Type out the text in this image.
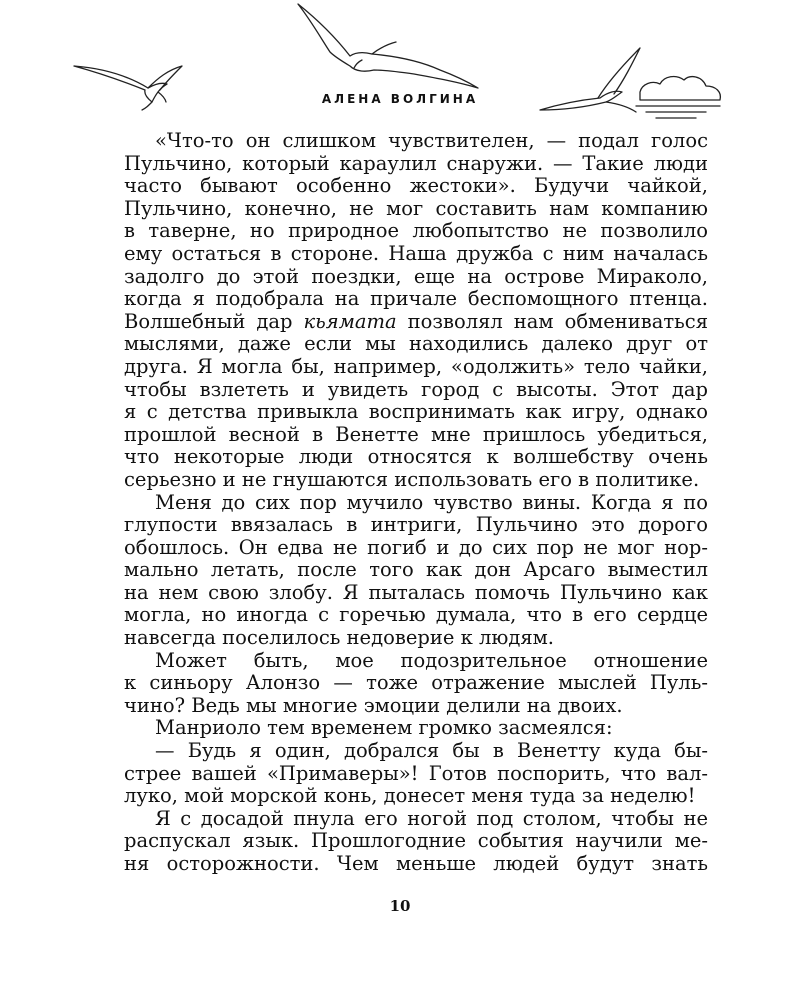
АЛЕНА ВОЛГИНА
«Что-то он слишком чувствителен, — подал голос
Пульчино, который караулил снаружи. — Такие люди
часто бывают особенно жестоки». Будучи чайкой,
Пульчино, конечно, не мог составить нам компанию
в таверне, но природное любопытство не позволило
ему остаться в стороне. Наша дружба с ним началась
задолго до этой поездки, еще на острове Мираколо,
когда я подобрала на причале беспомощного птенца.
Волшебный дар кьямата позволял нам обмениваться
мыслями, даже если мы находились далеко друг от
друга. Я могла бы, например, «одолжить» тело чайки,
чтобы взлететь и увидеть город с высоты. Этот дар
я с детства привыкла воспринимать как игру, однако
прошлой весной в Венетте мне пришлось убедиться,
что некоторые люди относятся к волшебству очень
серьезно и не гнушаются использовать его в политике.
Меня до сих пор мучило чувство вины. Когда я по
глупости ввязалась в интриги, Пульчино это дорого
обошлось. Он едва не погиб и до сих пор не мог нор-
мально летать, после того как дон Арсаго выместил
на нем свою злобу. Я пыталась помочь Пульчино как
могла, но иногда с горечью думала, что в его сердце
навсегда поселилось недоверие к людям.
Может быть, мое подозрительное отношение
к синьору Алонзо — тоже отражение мыслей Пуль-
чино? Ведь мы многие эмоции делили на двоих.
Манриоло тем временем громко засмеялся:
— Будь я один, добрался бы в Венетту куда бы-
стрее вашей «Примаверы»! Готов поспорить, что вал-
луко, мой морской конь, донесет меня туда за неделю!
Я с досадой пнула его ногой под столом, чтобы не
распускал язык. Прошлогодние события научили ме-
ня осторожности. Чем меньше людей будут знать
10
